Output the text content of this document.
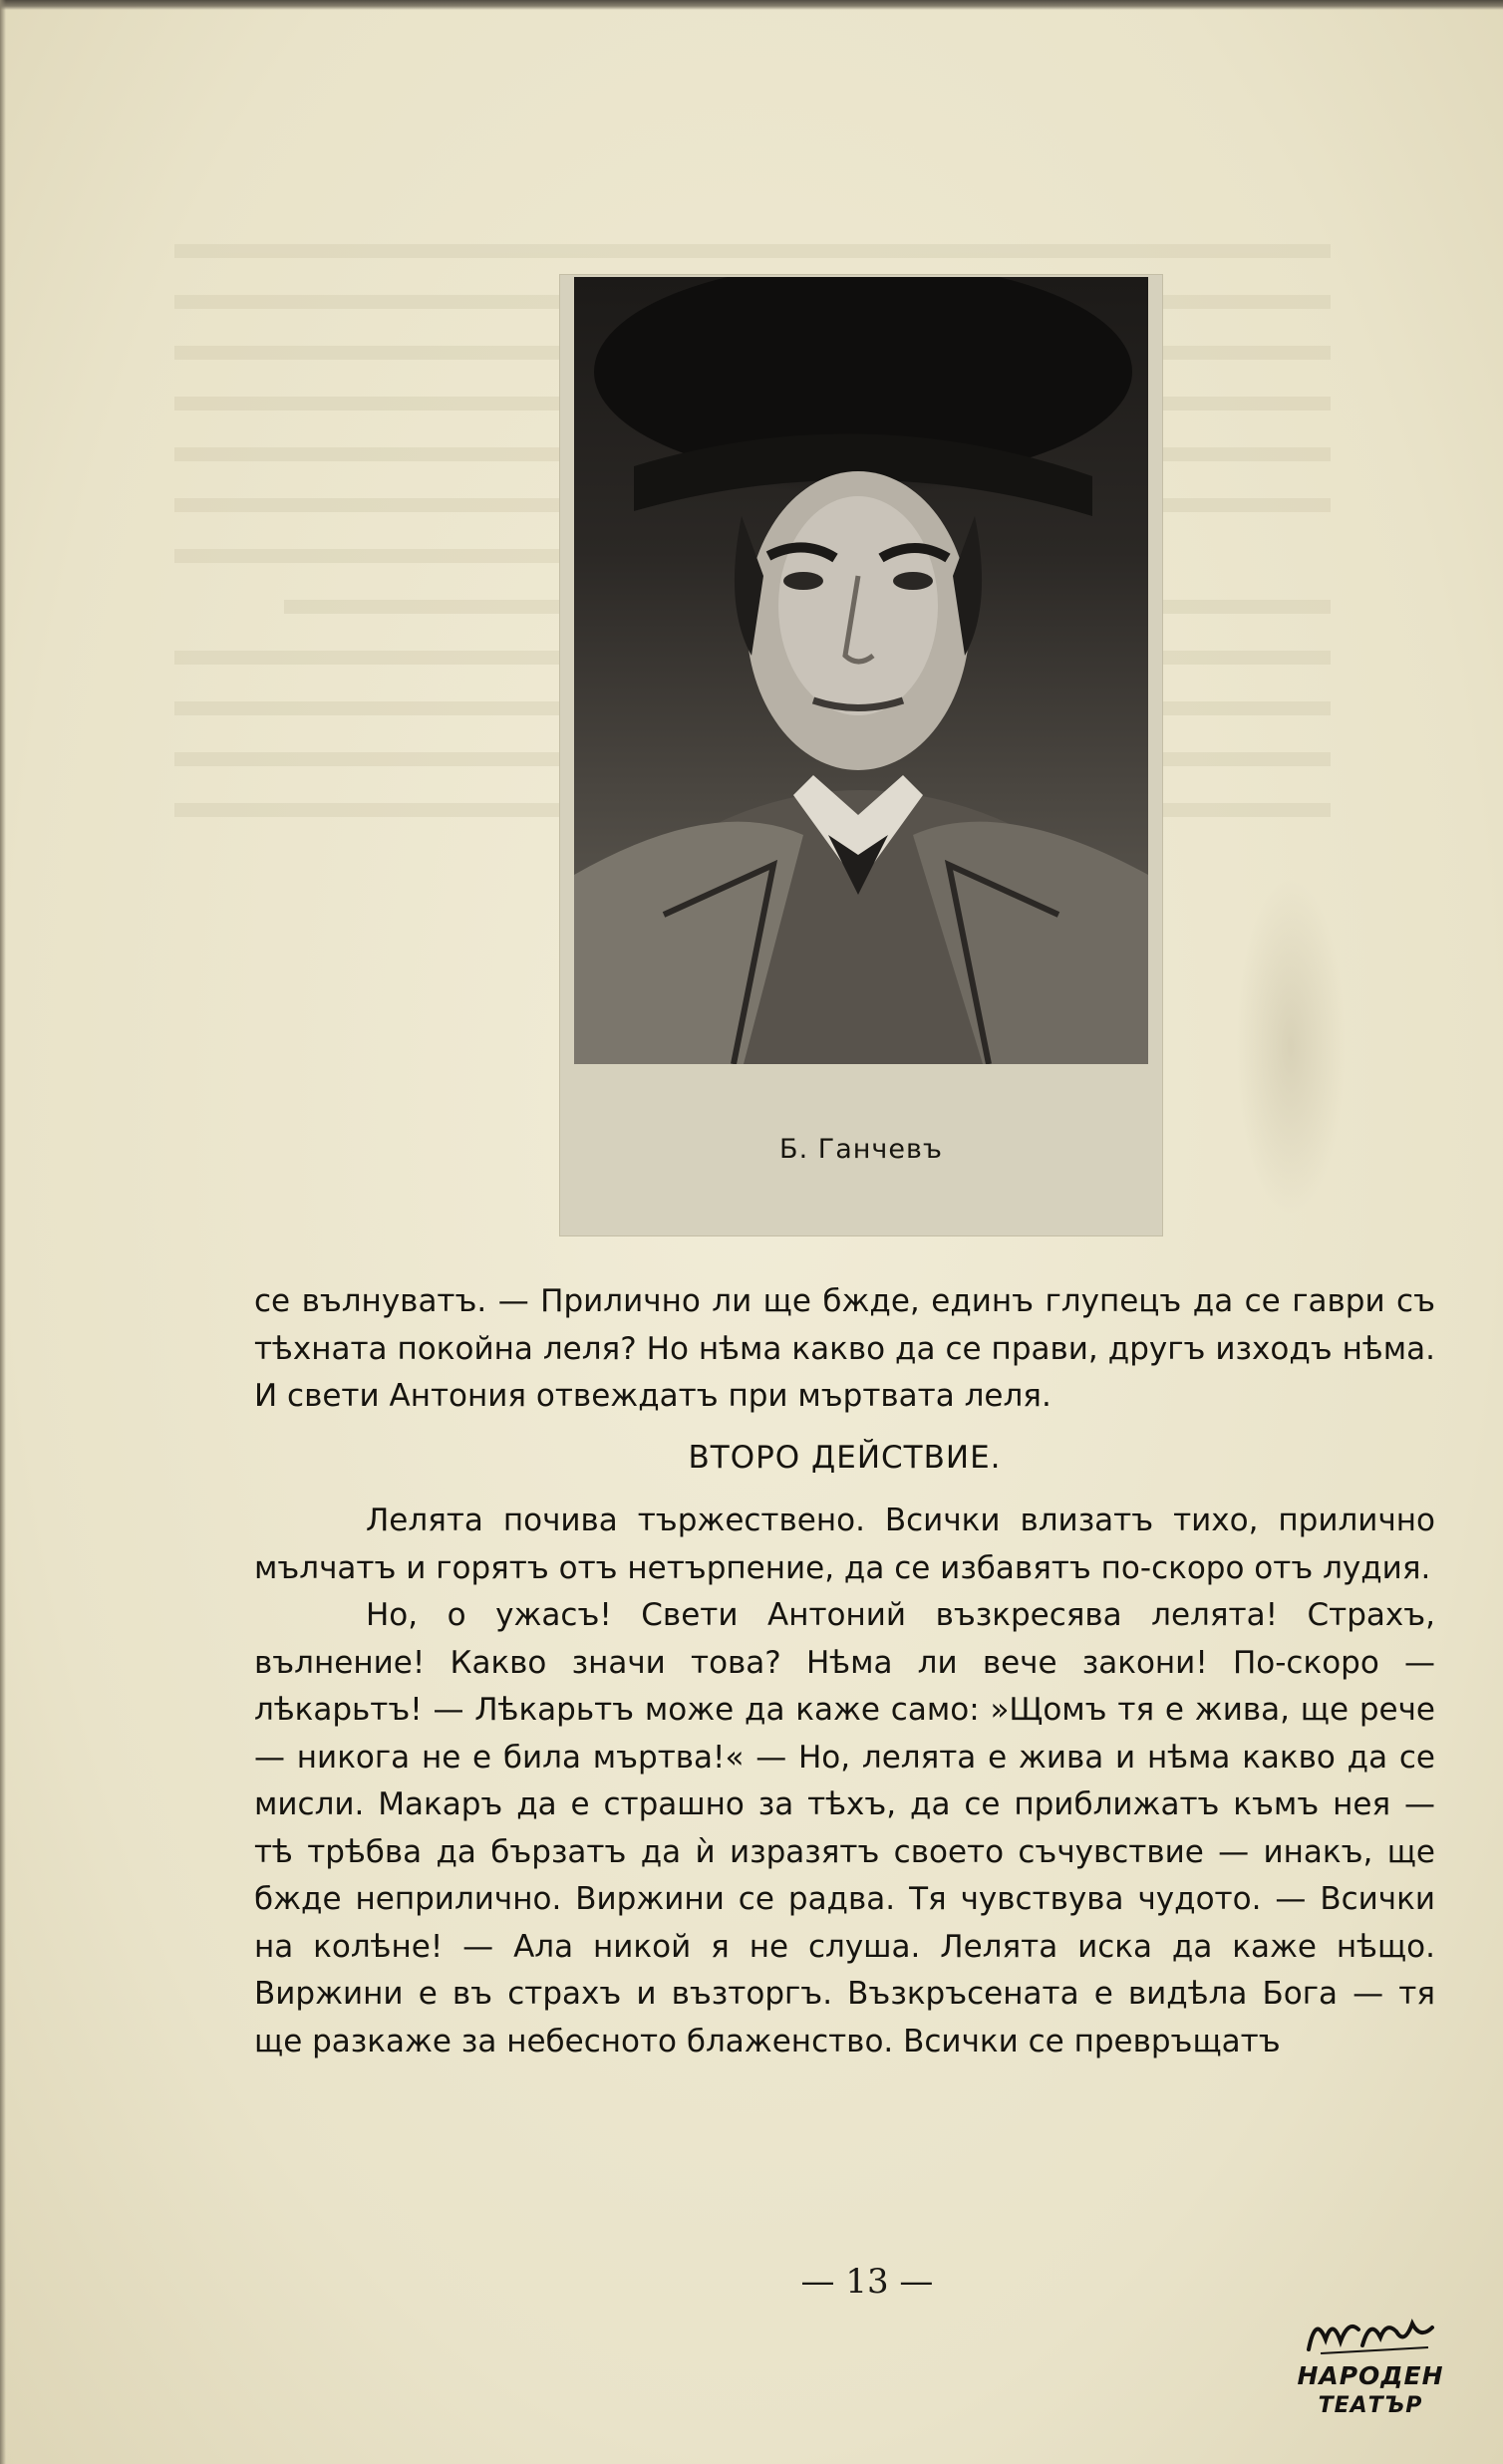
Б. Ганчевъ

се вълнуватъ. — Прилично ли ще бжде, единъ глупецъ да се гаври съ тѣхната покойна леля? Но нѣма какво да се прави, другъ изходъ нѣма. И свети Антония отвеждатъ при мъртвата леля.

ВТОРО ДЕЙСТВИЕ.

Лелята почива тържествено. Всички влизатъ тихо, прилично мълчатъ и горятъ отъ нетърпение, да се избавятъ по-скоро отъ лудия.

Но, о ужасъ! Свети Антоний възкресява лелята! Страхъ, вълнение! Какво значи това? Нѣма ли вече закони! По-скоро — лѣкарьтъ! — Лѣкарьтъ може да каже само: »Щомъ тя е жива, ще рече — никога не е била мъртва!« — Но, лелята е жива и нѣма какво да се мисли. Макаръ да е страшно за тѣхъ, да се приближатъ къмъ нея — тѣ трѣбва да бързатъ да ѝ изразятъ своето съчувствие — инакъ, ще бжде неприлично. Виржини се радва. Тя чувствува чудото. — Всички на колѣне! — Ала никой я не слуша. Лелята иска да каже нѣщо. Виржини е въ страхъ и възторгъ. Възкръсената е видѣла Бога — тя ще разкаже за небесното блаженство. Всички се превръщатъ

— 13 —
НАРОДЕН
ТЕАТЪР
